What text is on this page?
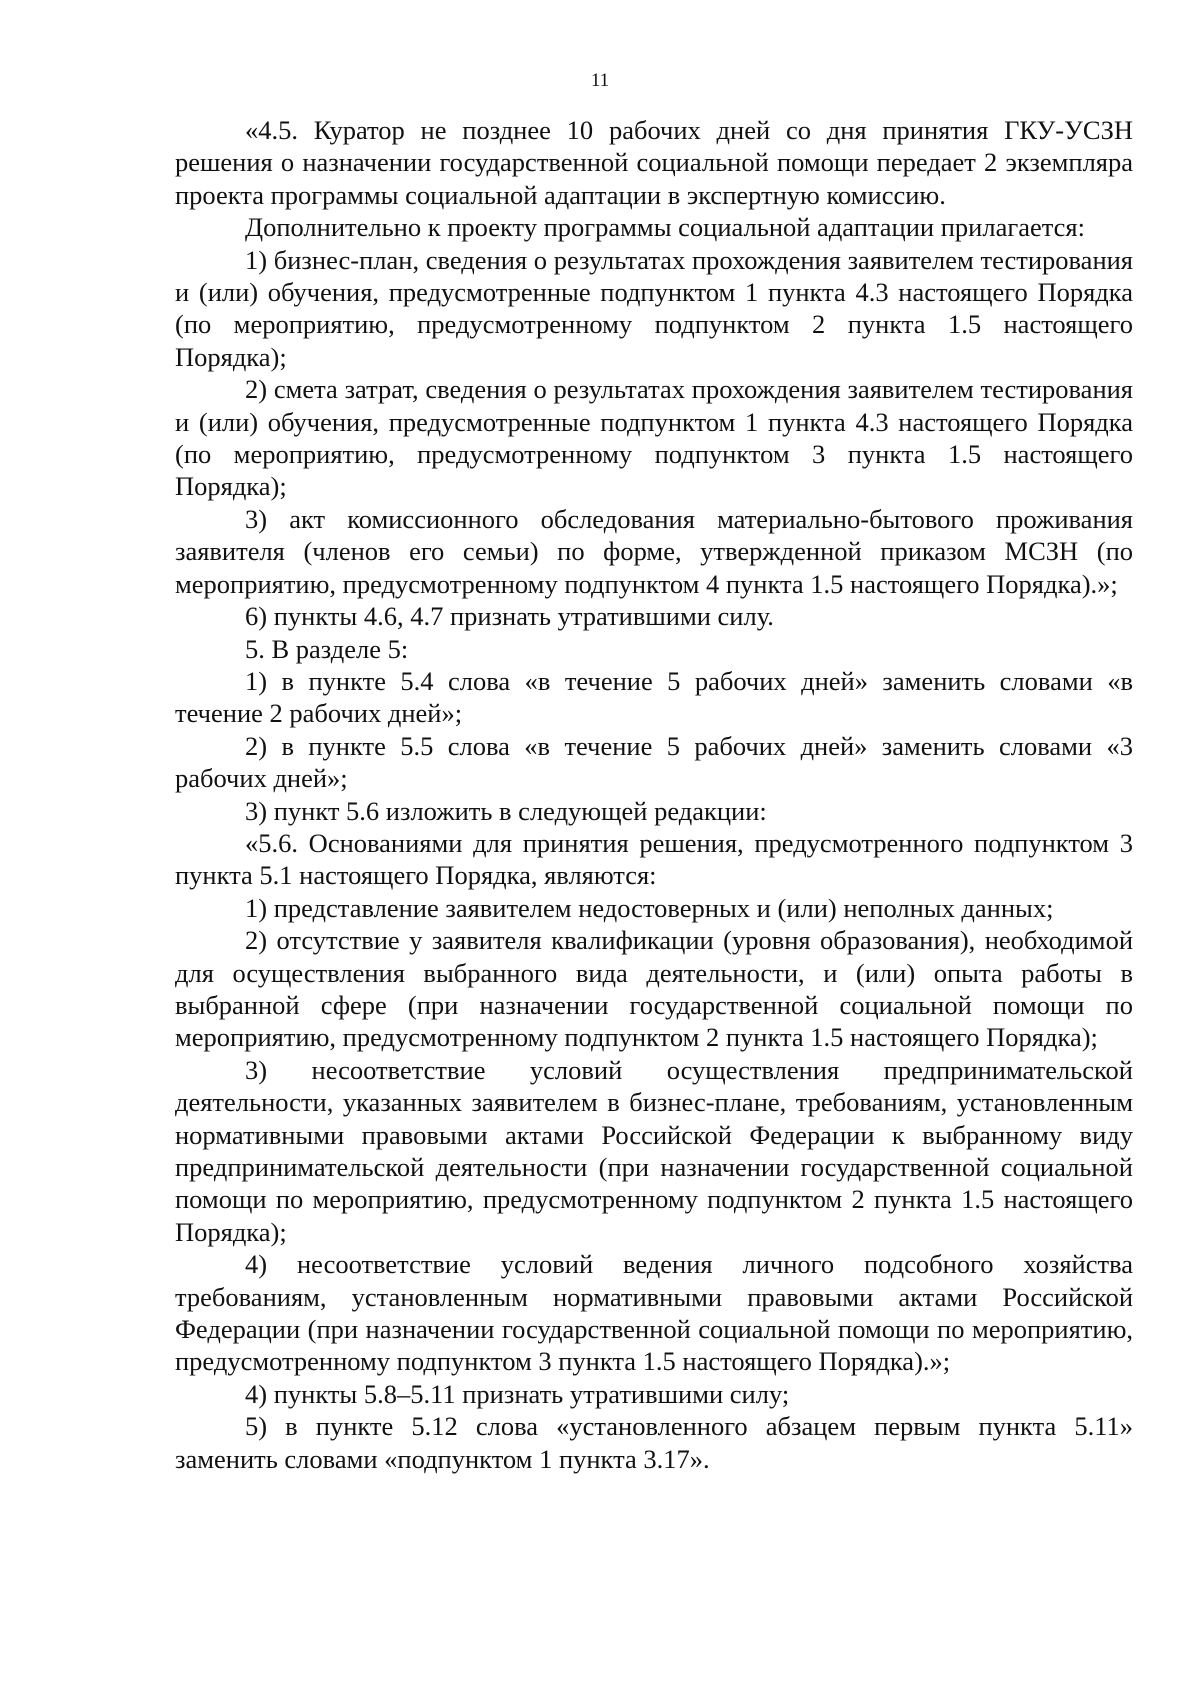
11

«4.5. Куратор не позднее 10 рабочих дней со дня принятия ГКУ-УСЗН решения о назначении государственной социальной помощи передает 2 экземпляра проекта программы социальной адаптации в экспертную комиссию.

Дополнительно к проекту программы социальной адаптации прилагается:

1) бизнес-план, сведения о результатах прохождения заявителем тестирования и (или) обучения, предусмотренные подпунктом 1 пункта 4.3 настоящего Порядка (по мероприятию, предусмотренному подпунктом 2 пункта 1.5 настоящего Порядка);

2) смета затрат, сведения о результатах прохождения заявителем тестирования и (или) обучения, предусмотренные подпунктом 1 пункта 4.3 настоящего Порядка (по мероприятию, предусмотренному подпунктом 3 пункта 1.5 настоящего Порядка);

3) акт комиссионного обследования материально-бытового проживания заявителя (членов его семьи) по форме, утвержденной приказом МСЗН (по мероприятию, предусмотренному подпунктом 4 пункта 1.5 настоящего Порядка).»;

6) пункты 4.6, 4.7 признать утратившими силу.

5. В разделе 5:

1) в пункте 5.4 слова «в течение 5 рабочих дней» заменить словами «в течение 2 рабочих дней»;

2) в пункте 5.5 слова «в течение 5 рабочих дней» заменить словами «3 рабочих дней»;

3) пункт 5.6 изложить в следующей редакции:

«5.6. Основаниями для принятия решения, предусмотренного подпунктом 3 пункта 5.1 настоящего Порядка, являются:

1) представление заявителем недостоверных и (или) неполных данных;

2) отсутствие у заявителя квалификации (уровня образования), необходимой для осуществления выбранного вида деятельности, и (или) опыта работы в выбранной сфере (при назначении государственной социальной помощи по мероприятию, предусмотренному подпунктом 2 пункта 1.5 настоящего Порядка);

3) несоответствие условий осуществления предпринимательской деятельности, указанных заявителем в бизнес-плане, требованиям, установленным нормативными правовыми актами Российской Федерации к выбранному виду предпринимательской деятельности (при назначении государственной социальной помощи по мероприятию, предусмотренному подпунктом 2 пункта 1.5 настоящего Порядка);

4) несоответствие условий ведения личного подсобного хозяйства требованиям, установленным нормативными правовыми актами Российской Федерации (при назначении государственной социальной помощи по мероприятию, предусмотренному подпунктом 3 пункта 1.5 настоящего Порядка).»;

4) пункты 5.8–5.11 признать утратившими силу;

5) в пункте 5.12 слова «установленного абзацем первым пункта 5.11» заменить словами «подпунктом 1 пункта 3.17».
